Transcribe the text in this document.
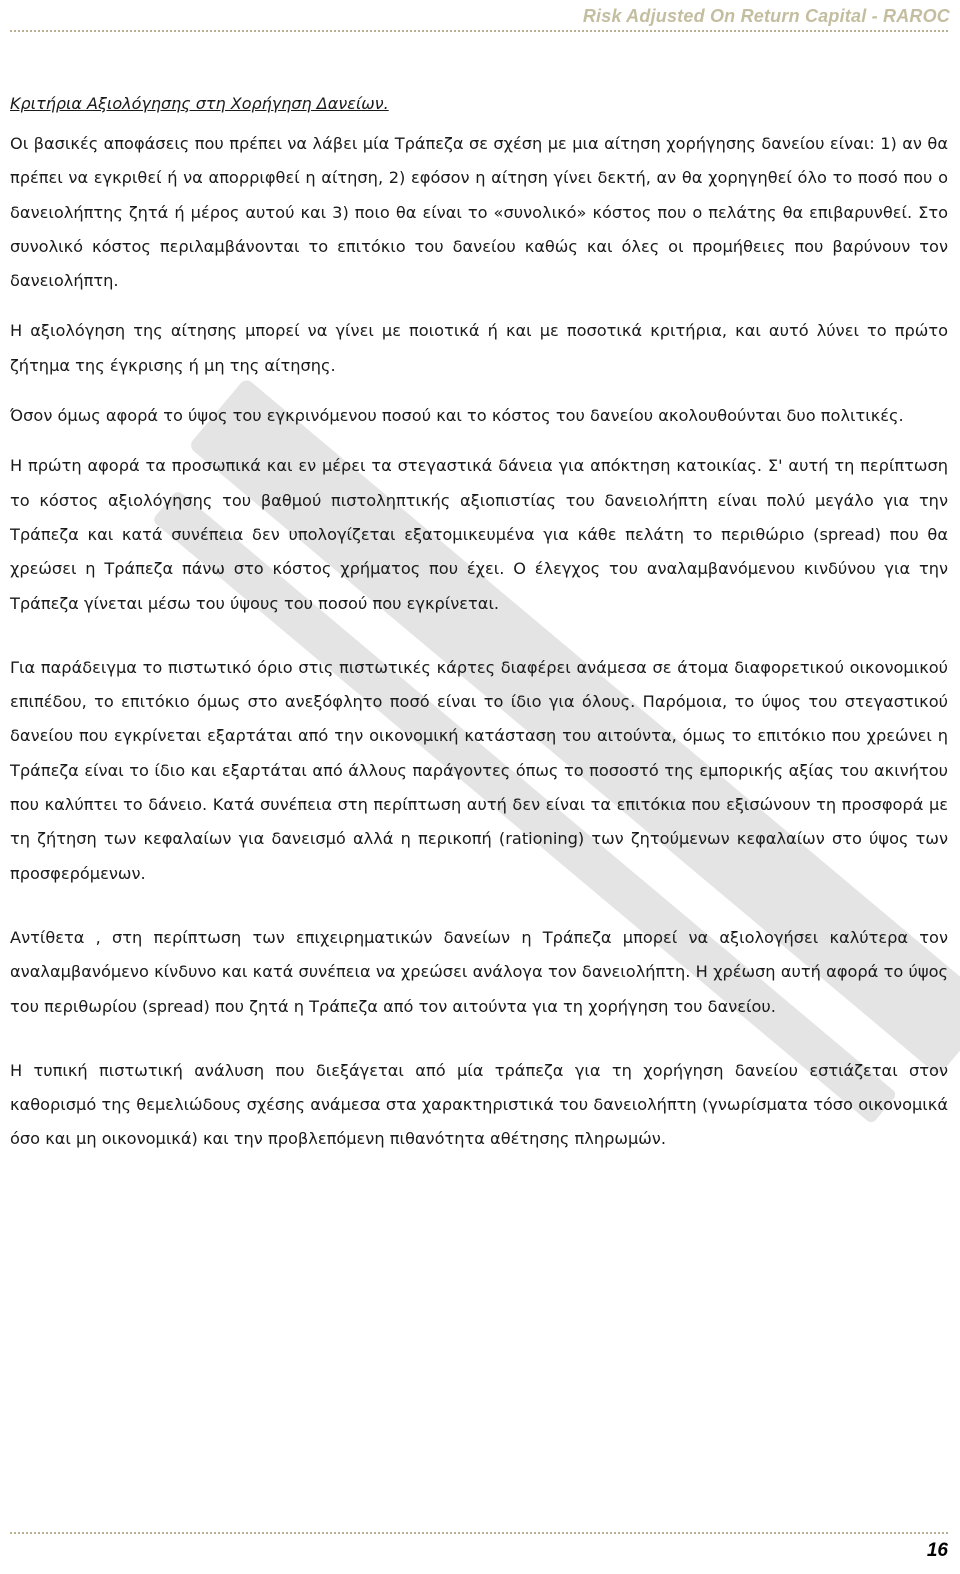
Risk Adjusted On Return Capital - RAROC
Κριτήρια Αξιολόγησης στη Χορήγηση Δανείων.

Οι βασικές αποφάσεις που πρέπει να λάβει μία Τράπεζα σε σχέση με μια αίτηση χορήγησης δανείου είναι: 1) αν θα πρέπει να εγκριθεί ή να απορριφθεί η αίτηση, 2) εφόσον η αίτηση γίνει δεκτή, αν θα χορηγηθεί όλο το ποσό που ο δανειολήπτης ζητά ή μέρος αυτού και 3) ποιο θα είναι το «συνολικό» κόστος που ο πελάτης θα επιβαρυνθεί. Στο συνολικό κόστος περιλαμβάνονται το επιτόκιο του δανείου καθώς και όλες οι προμήθειες που βαρύνουν τον δανειολήπτη.

Η αξιολόγηση της αίτησης μπορεί να γίνει με ποιοτικά ή και με ποσοτικά κριτήρια, και αυτό λύνει το πρώτο ζήτημα της έγκρισης ή μη της αίτησης.

Όσον όμως αφορά το ύψος του εγκρινόμενου ποσού και το κόστος του δανείου ακολουθούνται δυο πολιτικές.

Η πρώτη αφορά τα προσωπικά και εν μέρει τα στεγαστικά δάνεια για απόκτηση κατοικίας. Σ' αυτή τη περίπτωση το κόστος αξιολόγησης του βαθμού πιστοληπτικής αξιοπιστίας του δανειολήπτη είναι πολύ μεγάλο για την Τράπεζα και κατά συνέπεια δεν υπολογίζεται εξατομικευμένα για κάθε πελάτη το περιθώριο (spread) που θα χρεώσει η Τράπεζα πάνω στο κόστος χρήματος που έχει. Ο έλεγχος του αναλαμβανόμενου κινδύνου για την Τράπεζα γίνεται μέσω του ύψους του ποσού που εγκρίνεται.

Για παράδειγμα το πιστωτικό όριο στις πιστωτικές κάρτες διαφέρει ανάμεσα σε άτομα διαφορετικού οικονομικού επιπέδου, το επιτόκιο όμως στο ανεξόφλητο ποσό είναι το ίδιο για όλους. Παρόμοια, το ύψος του στεγαστικού δανείου που εγκρίνεται εξαρτάται από την οικονομική κατάσταση του αιτούντα, όμως το επιτόκιο που χρεώνει η Τράπεζα είναι το ίδιο και εξαρτάται από άλλους παράγοντες όπως το ποσοστό της εμπορικής αξίας του ακινήτου που καλύπτει το δάνειο. Κατά συνέπεια στη περίπτωση αυτή δεν είναι τα επιτόκια που εξισώνουν τη προσφορά με τη ζήτηση των κεφαλαίων για δανεισμό αλλά η περικοπή (rationing) των ζητούμενων κεφαλαίων στο ύψος των προσφερόμενων.

Αντίθετα , στη περίπτωση των επιχειρηματικών δανείων η Τράπεζα μπορεί να αξιολογήσει καλύτερα τον αναλαμβανόμενο κίνδυνο και κατά συνέπεια να χρεώσει ανάλογα τον δανειολήπτη. Η χρέωση αυτή αφορά το ύψος του περιθωρίου (spread) που ζητά η Τράπεζα από τον αιτούντα για τη χορήγηση του δανείου.

Η τυπική πιστωτική ανάλυση που διεξάγεται από μία τράπεζα για τη χορήγηση δανείου εστιάζεται στον καθορισμό της θεμελιώδους σχέσης ανάμεσα στα χαρακτηριστικά του δανειολήπτη (γνωρίσματα τόσο οικονομικά όσο και μη οικονομικά) και την προβλεπόμενη πιθανότητα αθέτησης πληρωμών.

16
